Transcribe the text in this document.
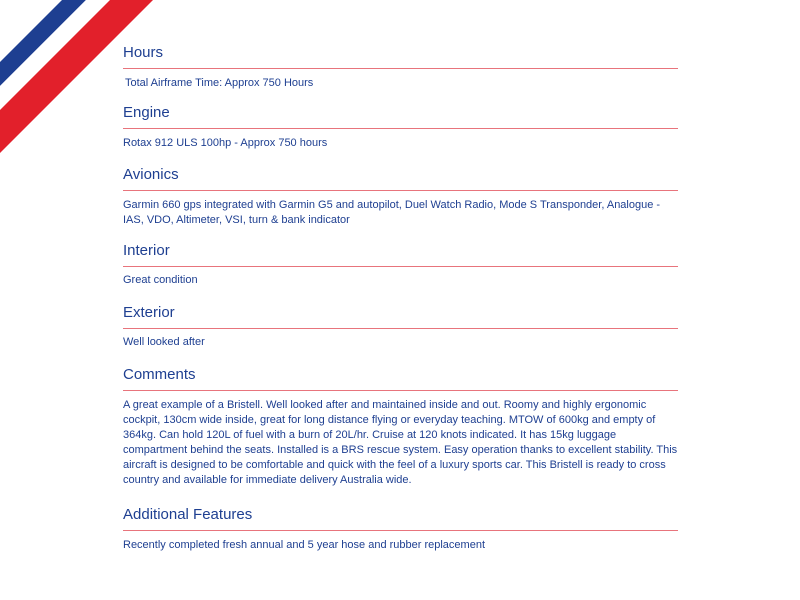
Hours

Total Airframe Time: Approx 750 Hours

Engine

Rotax 912 ULS 100hp - Approx 750 hours

Avionics

Garmin 660 gps integrated with Garmin G5 and autopilot, Duel Watch Radio, Mode S Transponder, Analogue - IAS, VDO, Altimeter, VSI, turn & bank indicator

Interior

Great condition

Exterior

Well looked after

Comments

A great example of a Bristell. Well looked after and maintained inside and out. Roomy and highly ergonomic cockpit, 130cm wide inside, great for long distance flying or everyday teaching. MTOW of 600kg and empty of 364kg. Can hold 120L of fuel with a burn of 20L/hr. Cruise at 120 knots indicated. It has 15kg luggage compartment behind the seats. Installed is a BRS rescue system. Easy operation thanks to excellent stability. This aircraft is designed to be comfortable and quick with the feel of a luxury sports car. This Bristell is ready to cross country and available for immediate delivery Australia wide.

Additional Features

Recently completed fresh annual and 5 year hose and rubber replacement
